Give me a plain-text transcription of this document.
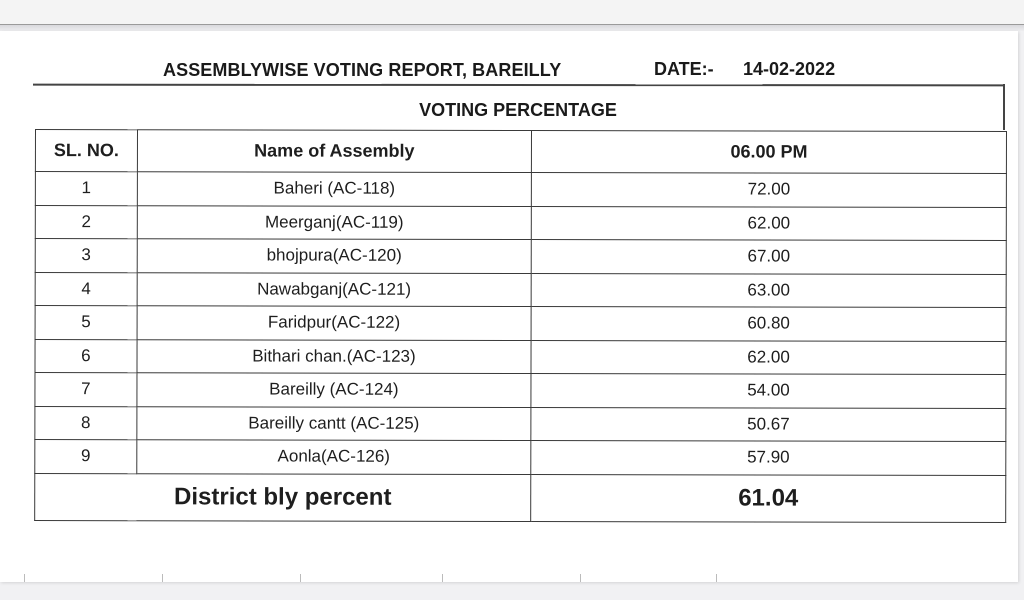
ASSEMBLYWISE VOTING REPORT, BAREILLY	DATE:- 14-02-2022
VOTING PERCENTAGE
SL. NO.	Name of Assembly	06.00 PM
1	Baheri (AC-118)	72.00
2	Meerganj(AC-119)	62.00
3	bhojpura(AC-120)	67.00
4	Nawabganj(AC-121)	63.00
5	Faridpur(AC-122)	60.80
6	Bithari chan.(AC-123)	62.00
7	Bareilly (AC-124)	54.00
8	Bareilly cantt (AC-125)	50.67
9	Aonla(AC-126)	57.90
District bly percent		61.04
